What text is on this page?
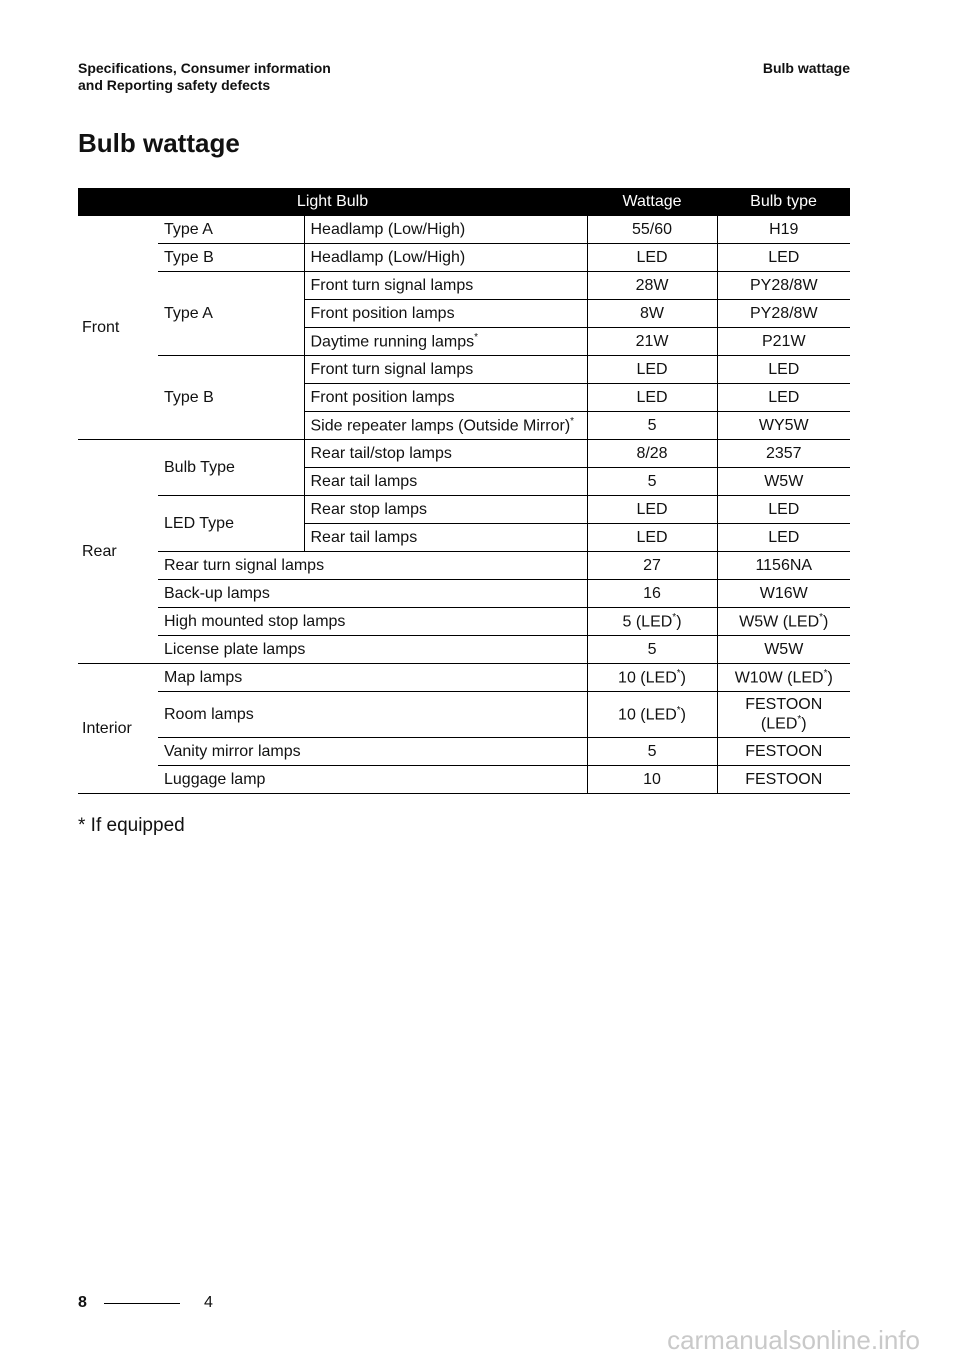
Specifications, Consumer information
and Reporting safety defects
Bulb wattage
Bulb wattage
Light Bulb			Wattage	Bulb type
Front	Type A	Headlamp (Low/High)	55/60	H19
	Type B	Headlamp (Low/High)	LED	LED
	Type A	Front turn signal lamps	28W	PY28/8W
		Front position lamps	8W	PY28/8W
		Daytime running lamps*	21W	P21W
	Type B	Front turn signal lamps	LED	LED
		Front position lamps	LED	LED
		Side repeater lamps (Outside Mirror)*	5	WY5W
Rear	Bulb Type	Rear tail/stop lamps	8/28	2357
		Rear tail lamps	5	W5W
	LED Type	Rear stop lamps	LED	LED
		Rear tail lamps	LED	LED
	Rear turn signal lamps		27	1156NA
	Back-up lamps		16	W16W
	High mounted stop lamps		5 (LED*)	W5W (LED*)
	License plate lamps		5	W5W
Interior	Map lamps		10 (LED*)	W10W (LED*)
	Room lamps		10 (LED*)	FESTOON
(LED*)

	Vanity mirror lamps		5	FESTOON
	Luggage lamp		10	FESTOON
* If equipped
8	4
carmanualsonline.info
